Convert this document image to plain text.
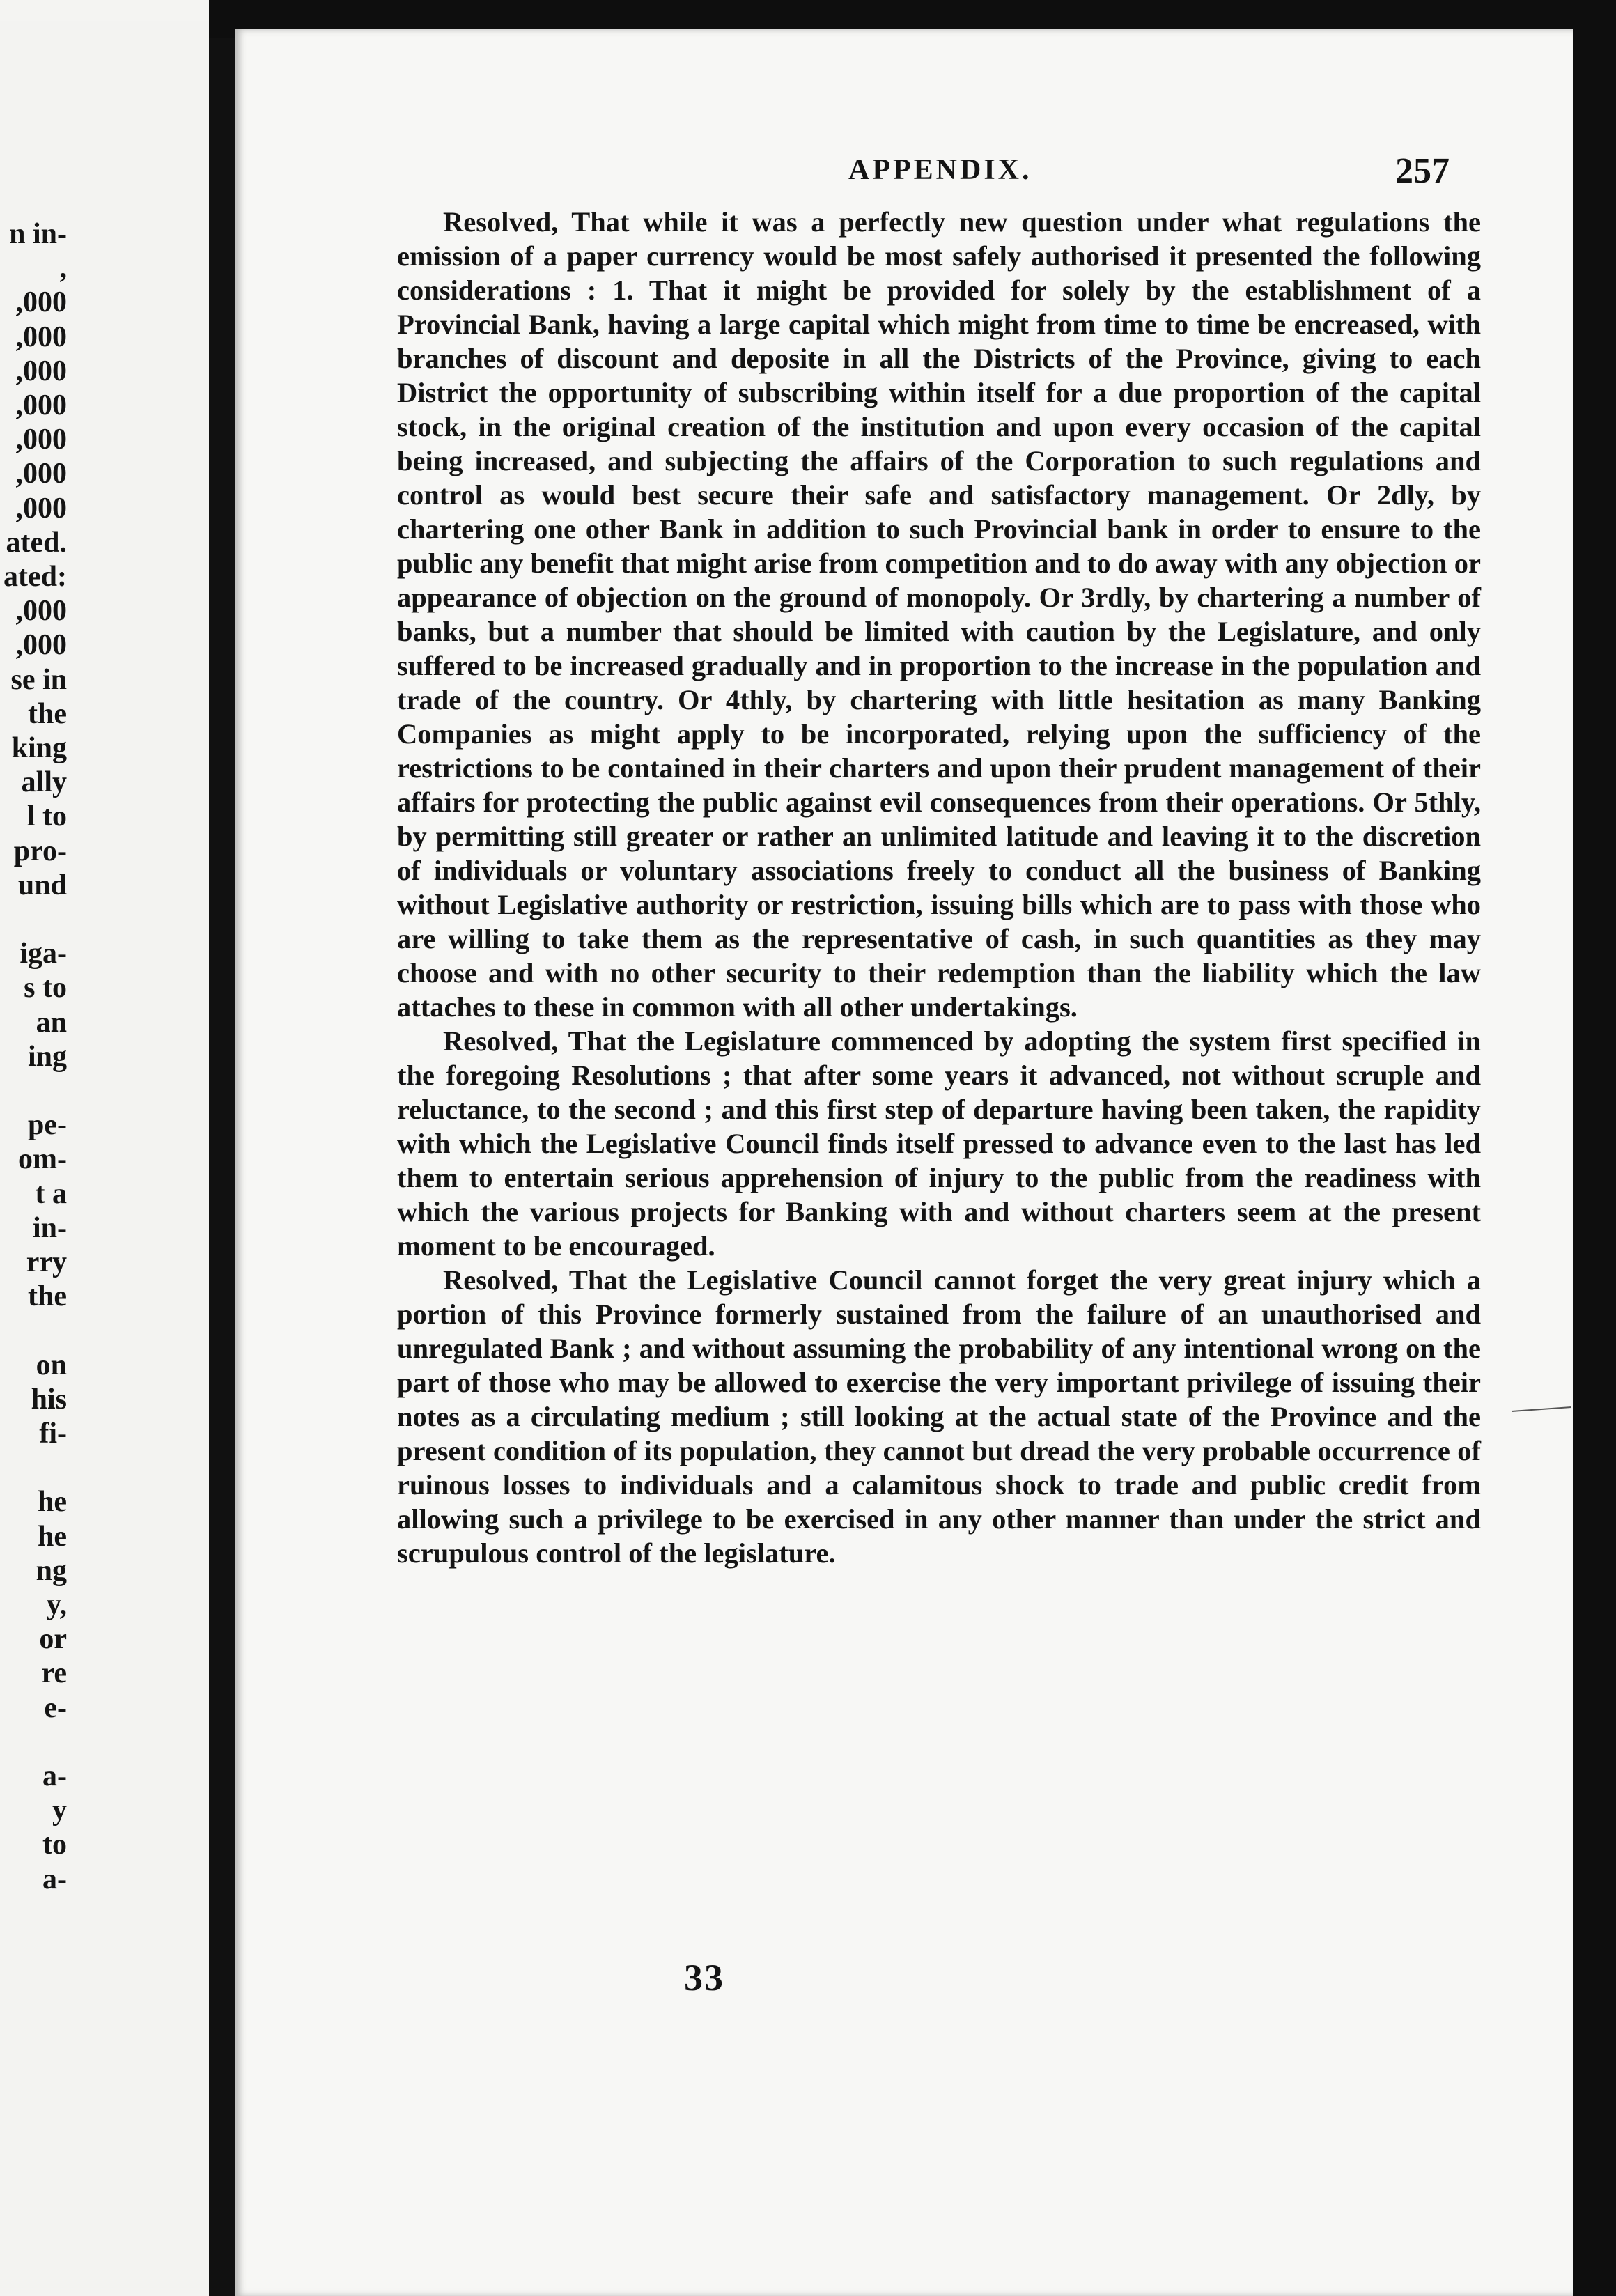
n in-
,
,000
,000
,000
,000
,000
,000
,000
ated.
ated:
,000
,000
se in
the
king
ally
l to
pro-
und
iga-
s to
an
ing
pe-
om-
t a
in-
rry
the
on
his
fi-
he
he
ng
y,
or
re
e-
a-
y
to
a-
APPENDIX.	257

Resolved, That while it was a perfectly new question under what regulations the emission of a paper currency would be most safely authorised it presented the following considerations : 1. That it might be provided for solely by the establishment of a Provincial Bank, having a large capital which might from time to time be encreased, with branches of discount and deposite in all the Districts of the Province, giving to each District the opportunity of subscribing within itself for a due proportion of the capital stock, in the original creation of the institution and upon every occasion of the capital being increased, and subjecting the affairs of the Corporation to such regulations and control as would best secure their safe and satisfactory management. Or 2dly, by chartering one other Bank in addition to such Provincial bank in order to ensure to the public any benefit that might arise from competition and to do away with any objection or appearance of objection on the ground of monopoly. Or 3rdly, by chartering a number of banks, but a number that should be limited with caution by the Legislature, and only suffered to be increased gradually and in proportion to the increase in the population and trade of the country. Or 4thly, by chartering with little hesitation as many Banking Companies as might apply to be incorporated, relying upon the sufficiency of the restrictions to be contained in their charters and upon their prudent management of their affairs for protecting the public against evil consequences from their operations. Or 5thly, by permitting still greater or rather an unlimited latitude and leaving it to the discretion of individuals or voluntary associations freely to conduct all the business of Banking without Legislative authority or restriction, issuing bills which are to pass with those who are willing to take them as the representative of cash, in such quantities as they may choose and with no other security to their redemption than the liability which the law attaches to these in common with all other undertakings.

Resolved, That the Legislature commenced by adopting the system first specified in the foregoing Resolutions ; that after some years it advanced, not without scruple and reluctance, to the second ; and this first step of departure having been taken, the rapidity with which the Legislative Council finds itself pressed to advance even to the last has led them to entertain serious apprehension of injury to the public from the readiness with which the various projects for Banking with and without charters seem at the present moment to be encouraged.

Resolved, That the Legislative Council cannot forget the very great injury which a portion of this Province formerly sustained from the failure of an unauthorised and unregulated Bank ; and without assuming the probability of any intentional wrong on the part of those who may be allowed to exercise the very important privilege of issuing their notes as a circulating medium ; still looking at the actual state of the Province and the present condition of its population, they cannot but dread the very probable occurrence of ruinous losses to individuals and a calamitous shock to trade and public credit from allowing such a privilege to be exercised in any other manner than under the strict and scrupulous control of the legislature.

33
